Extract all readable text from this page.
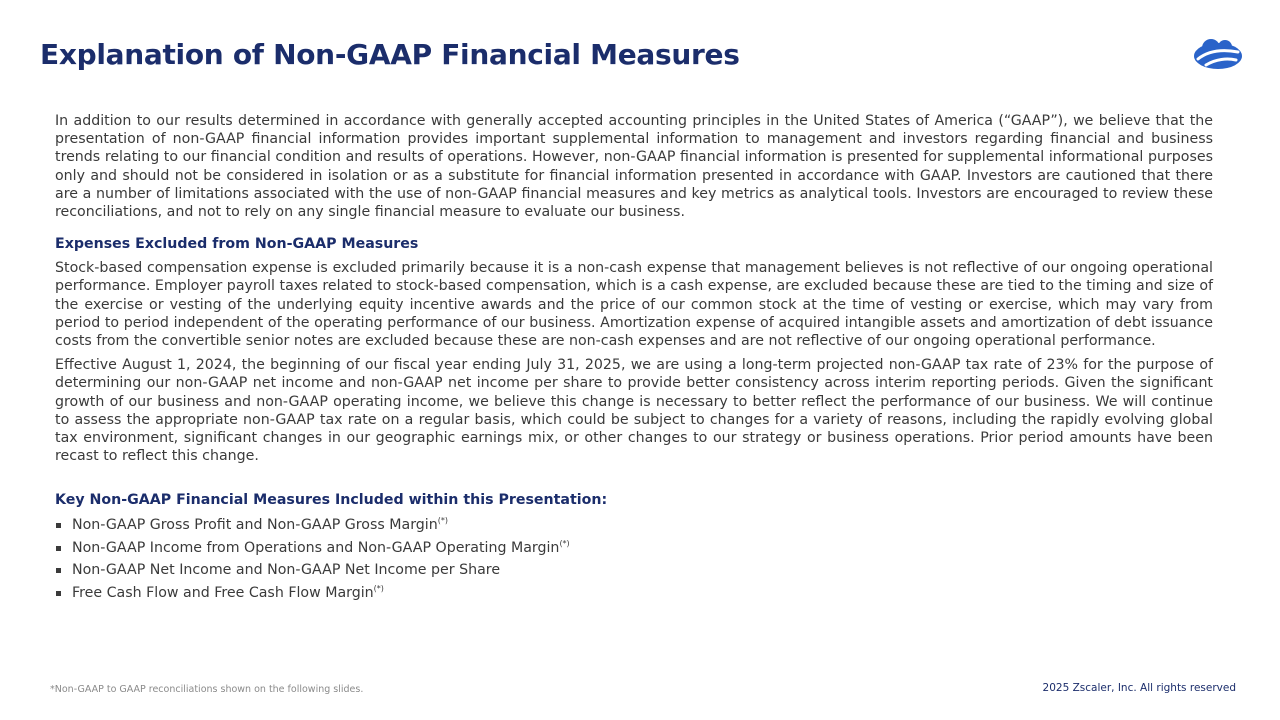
Explanation of Non-GAAP Financial Measures

In addition to our results determined in accordance with generally accepted accounting principles in the United States of America (“GAAP”), we believe that the presentation of non-GAAP financial information provides important supplemental information to management and investors regarding financial and business trends relating to our financial condition and results of operations. However, non-GAAP financial information is presented for supplemental informational purposes only and should not be considered in isolation or as a substitute for financial information presented in accordance with GAAP. Investors are cautioned that there are a number of limitations associated with the use of non-GAAP financial measures and key metrics as analytical tools. Investors are encouraged to review these reconciliations, and not to rely on any single financial measure to evaluate our business.

Expenses Excluded from Non-GAAP Measures

Stock-based compensation expense is excluded primarily because it is a non-cash expense that management believes is not reflective of our ongoing operational performance. Employer payroll taxes related to stock-based compensation, which is a cash expense, are excluded because these are tied to the timing and size of the exercise or vesting of the underlying equity incentive awards and the price of our common stock at the time of vesting or exercise, which may vary from period to period independent of the operating performance of our business. Amortization expense of acquired intangible assets and amortization of debt issuance costs from the convertible senior notes are excluded because these are non-cash expenses and are not reflective of our ongoing operational performance.

Effective August 1, 2024, the beginning of our fiscal year ending July 31, 2025, we are using a long-term projected non-GAAP tax rate of 23% for the purpose of determining our non-GAAP net income and non-GAAP net income per share to provide better consistency across interim reporting periods. Given the significant growth of our business and non-GAAP operating income, we believe this change is necessary to better reflect the performance of our business. We will continue to assess the appropriate non-GAAP tax rate on a regular basis, which could be subject to changes for a variety of reasons, including the rapidly evolving global tax environment, significant changes in our geographic earnings mix, or other changes to our strategy or business operations. Prior period amounts have been recast to reflect this change.

Key Non-GAAP Financial Measures Included within this Presentation:
Non-GAAP Gross Profit and Non-GAAP Gross Margin(*)
Non-GAAP Income from Operations and Non-GAAP Operating Margin(*)
Non-GAAP Net Income and Non-GAAP Net Income per Share
Free Cash Flow and Free Cash Flow Margin(*)
*Non-GAAP to GAAP reconciliations shown on the following slides.	2025 Zscaler, Inc. All rights reserved
